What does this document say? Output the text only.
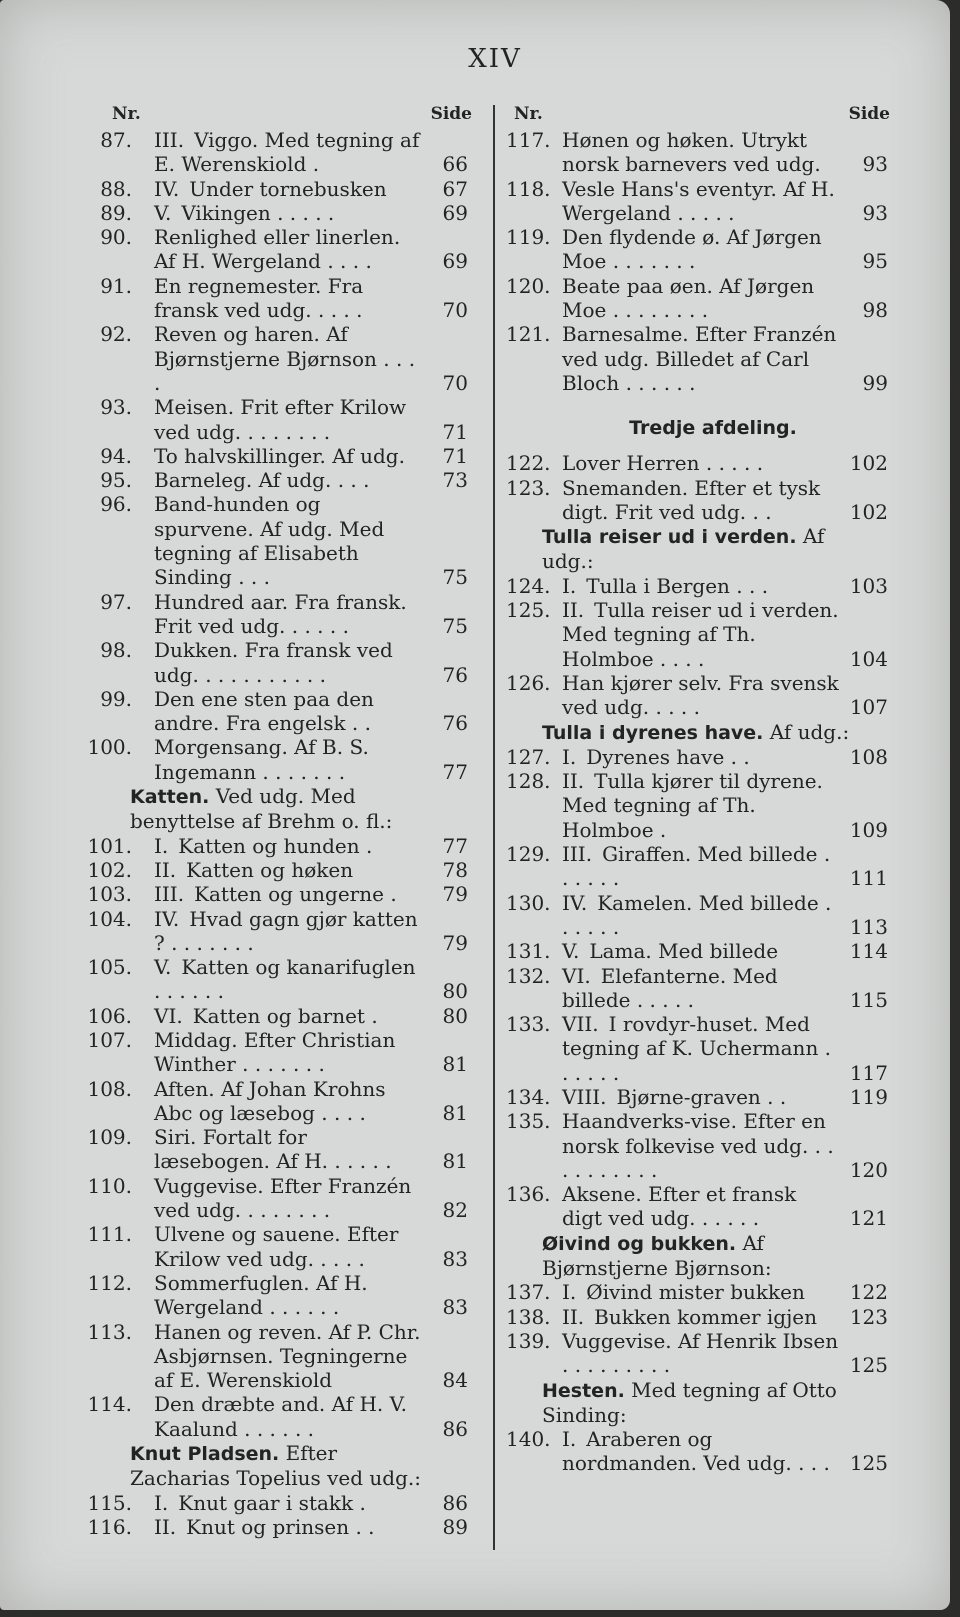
XIV
Nr.	Side
87. III. Viggo. Med tegning af E. Werenskiold .	66
88. IV. Under tornebusken	67
89. V. Vikingen . . . . .	69
90. Renlighed eller linerlen. Af H. Wergeland . . . .	69
91. En regnemester. Fra fransk ved udg. . . . .	70
92. Reven og haren. Af Bjørnstjerne Bjørnson . . . .	70
93. Meisen. Frit efter Krilow ved udg. . . . . . . .	71
94. To halvskillinger. Af udg.	71
95. Barneleg. Af udg. . . .	73
96. Band-hunden og spurvene. Af udg. Med tegning af Elisabeth Sinding . . .	75
97. Hundred aar. Fra fransk. Frit ved udg. . . . . .	75
98. Dukken. Fra fransk ved udg. . . . . . . . . . .	76
99. Den ene sten paa den andre. Fra engelsk . .	76
100. Morgensang. Af B. S. Ingemann . . . . . . .	77
Katten. Ved udg. Med benyttelse af Brehm o. fl.:
101. I. Katten og hunden .	77
102. II. Katten og høken	78
103. III. Katten og ungerne .	79
104. IV. Hvad gagn gjør katten ? . . . . . . .	79
105. V. Katten og kanarifuglen . . . . . .	80
106. VI. Katten og barnet .	80
107. Middag. Efter Christian Winther . . . . . . .	81
108. Aften. Af Johan Krohns Abc og læsebog . . . .	81
109. Siri. Fortalt for læsebogen. Af H. . . . . .	81
110. Vuggevise. Efter Franzén ved udg. . . . . . . .	82
111. Ulvene og sauene. Efter Krilow ved udg. . . . .	83
112. Sommerfuglen. Af H. Wergeland . . . . . .	83
113. Hanen og reven. Af P. Chr. Asbjørnsen. Tegningerne af E. Werenskiold	84
114. Den dræbte and. Af H. V. Kaalund . . . . . .	86
Knut Pladsen. Efter Zacharias Topelius ved udg.:
115. I. Knut gaar i stakk .	86
116. II. Knut og prinsen . .	89
Nr.	Side
117. Hønen og høken. Utrykt norsk barnevers ved udg.	93
118. Vesle Hans's eventyr. Af H. Wergeland . . . . .	93
119. Den flydende ø. Af Jørgen Moe . . . . . . .	95
120. Beate paa øen. Af Jørgen Moe . . . . . . . .	98
121. Barnesalme. Efter Franzén ved udg. Billedet af Carl Bloch . . . . . .	99
Tredje afdeling.
122. Lover Herren . . . . .	102
123. Snemanden. Efter et tysk digt. Frit ved udg. . .	102
Tulla reiser ud i verden. Af udg.:
124. I. Tulla i Bergen . . .	103
125. II. Tulla reiser ud i verden. Med tegning af Th. Holmboe . . . .	104
126. Han kjører selv. Fra svensk ved udg. . . . .	107
Tulla i dyrenes have. Af udg.:
127. I. Dyrenes have . .	108
128. II. Tulla kjører til dyrene. Med tegning af Th. Holmboe .	109
129. III. Giraffen. Med billede . . . . . .	111
130. IV. Kamelen. Med billede . . . . . .	113
131. V. Lama. Med billede	114
132. VI. Elefanterne. Med billede . . . . .	115
133. VII. I rovdyr-huset. Med tegning af K. Uchermann . . . . . .	117
134. VIII. Bjørne-graven . .	119
135. Haandverks-vise. Efter en norsk folkevise ved udg. . . . . . . . . . .	120
136. Aksene. Efter et fransk digt ved udg. . . . . .	121
Øivind og bukken. Af Bjørnstjerne Bjørnson:
137. I. Øivind mister bukken	122
138. II. Bukken kommer igjen	123
139. Vuggevise. Af Henrik Ibsen . . . . . . . . .	125
Hesten. Med tegning af Otto Sinding:
140. I. Araberen og nordmanden. Ved udg. . . . 125
